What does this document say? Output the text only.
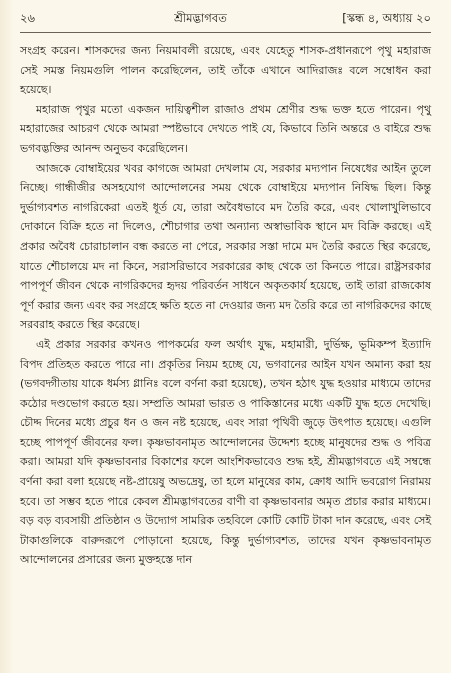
২৬	শ্রীমদ্ভাগবত	[স্কন্ধ ৪, অধ্যায় ২০

সংগ্রহ করেন। শাসকদের জন্য নিয়মাবলী রয়েছে, এবং যেহেতু শাসক-প্রধানরূপে পৃথু মহারাজ সেই সমস্ত নিয়মগুলি পালন করেছিলেন, তাই তাঁকে এখানে আদিরাজঃ বলে সম্বোধন করা হয়েছে।

মহারাজ পৃথুর মতো একজন দায়িত্বশীল রাজাও প্রথম শ্রেণীর শুদ্ধ ভক্ত হতে পারেন। পৃথু মহারাজের আচরণ থেকে আমরা স্পষ্টভাবে দেখতে পাই যে, কিভাবে তিনি অন্তরে ও বাইরে শুদ্ধ ভগবদ্ভক্তির আনন্দ অনুভব করেছিলেন।

আজকে বোম্বাইয়ের খবর কাগজে আমরা দেখলাম যে, সরকার মদ্যপান নিষেধের আইন তুলে নিচ্ছে। গান্ধীজীর অসহযোগ আন্দোলনের সময় থেকে বোম্বাইয়ে মদ্যপান নিষিদ্ধ ছিল। কিন্তু দুর্ভাগ্যবশত নাগরিকেরা এতই ধূর্ত যে, তারা অবৈধভাবে মদ তৈরি করে, এবং খোলাখুলিভাবে দোকানে বিক্রি হতে না দিলেও, শৌচাগার তথা অন্যান্য অস্বাভাবিক স্থানে মদ বিক্রি করছে। এই প্রকার অবৈধ চোরাচালান বন্ধ করতে না পেরে, সরকার সস্তা দামে মদ তৈরি করতে স্থির করেছে, যাতে শৌচালয়ে মদ না কিনে, সরাসরিভাবে সরকারের কাছ থেকে তা কিনতে পারে। রাষ্ট্রসরকার পাপপূর্ণ জীবন থেকে নাগরিকদের হৃদয় পরিবর্তন সাধনে অকৃতকার্য হয়েছে, তাই তারা রাজকোষ পূর্ণ করার জন্য এবং কর সংগ্রহে ক্ষতি হতে না দেওয়ার জন্য মদ তৈরি করে তা নাগরিকদের কাছে সরবরাহ করতে স্থির করেছে।

এই প্রকার সরকার কখনও পাপকর্মের ফল অর্থাৎ যুদ্ধ, মহামারী, দুর্ভিক্ষ, ভূমিকম্প ইত্যাদি বিপদ প্রতিহত করতে পারে না। প্রকৃতির নিয়ম হচ্ছে যে, ভগবানের আইন যখন অমান্য করা হয় (ভগবদ্গীতায় যাকে ধর্মস্য গ্লানিঃ বলে বর্ণনা করা হয়েছে), তখন হঠাৎ যুদ্ধ হওয়ার মাধ্যমে তাদের কঠোর দণ্ডভোগ করতে হয়। সম্প্রতি আমরা ভারত ও পাকিস্তানের মধ্যে একটি যুদ্ধ হতে দেখেছি। চৌদ্দ দিনের মধ্যে প্রচুর ধন ও জন নষ্ট হয়েছে, এবং সারা পৃথিবী জুড়ে উৎপাত হয়েছে। এগুলি হচ্ছে পাপপূর্ণ জীবনের ফল। কৃষ্ণভাবনামৃত আন্দোলনের উদ্দেশ্য হচ্ছে মানুষদের শুদ্ধ ও পবিত্র করা। আমরা যদি কৃষ্ণভাবনার বিকাশের ফলে আংশিকভাবেও শুদ্ধ হই, শ্রীমদ্ভাগবতে এই সম্বন্ধে বর্ণনা করা বলা হয়েছে নষ্ট-প্রায়েষু অভদ্রেষু, তা হলে মানুষের কাম, ক্রোধ আদি ভবরোগ নিরাময় হবে। তা সম্ভব হতে পারে কেবল শ্রীমদ্ভাগবতের বাণী বা কৃষ্ণভাবনার অমৃত প্রচার করার মাধ্যমে। বড় বড় ব্যবসায়ী প্রতিষ্ঠান ও উদ্যোগ সামরিক তহবিলে কোটি কোটি টাকা দান করেছে, এবং সেই টাকাগুলিকে বারুদরূপে পোড়ানো হয়েছে, কিন্তু দুর্ভাগ্যবশত, তাদের যখন কৃষ্ণভাবনামৃত আন্দোলনের প্রসারের জন্য মুক্তহস্তে দান
